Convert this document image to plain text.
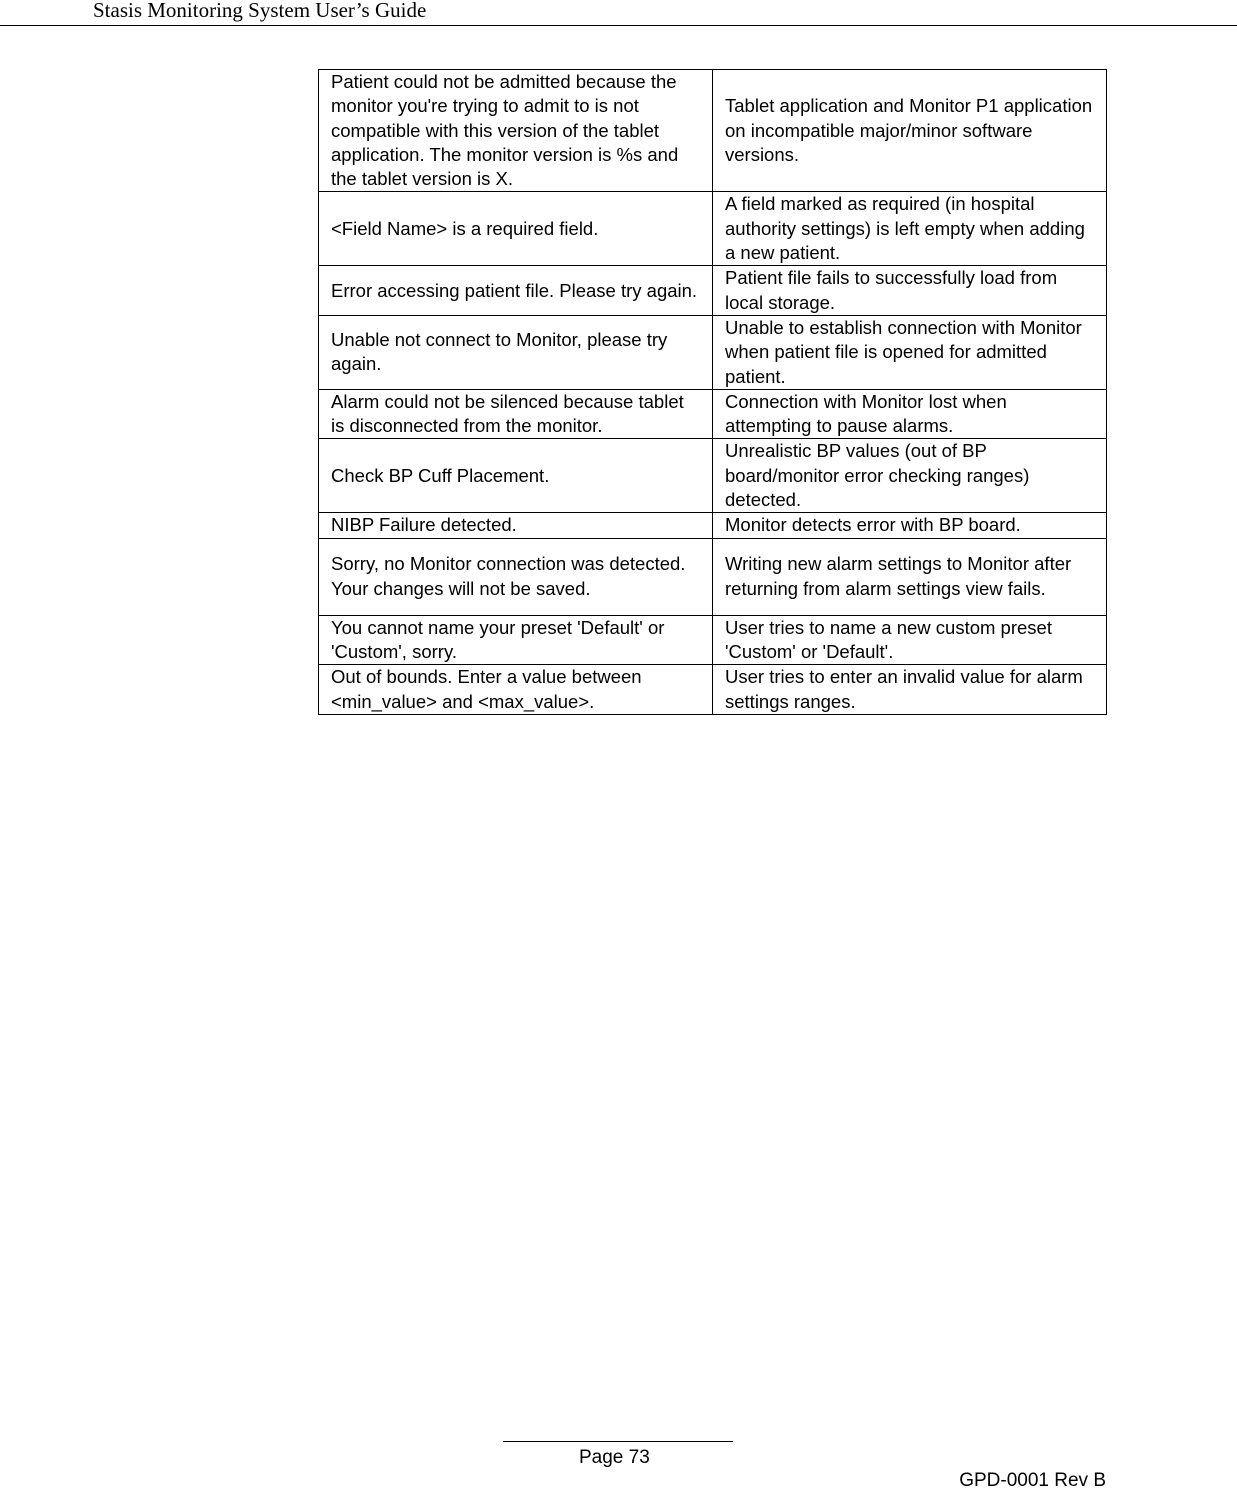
Stasis Monitoring System User’s Guide
Patient could not be admitted because the monitor you're trying to admit to is not compatible with this version of the tablet application. The monitor version is %s and the tablet version is X.	Tablet application and Monitor P1 application on incompatible major/minor software versions.
<Field Name> is a required field.	A field marked as required (in hospital authority settings) is left empty when adding a new patient.
Error accessing patient file. Please try again.	Patient file fails to successfully load from local storage.
Unable not connect to Monitor, please try again.	Unable to establish connection with Monitor when patient file is opened for admitted patient.
Alarm could not be silenced because tablet is disconnected from the monitor.	Connection with Monitor lost when attempting to pause alarms.
Check BP Cuff Placement.	Unrealistic BP values (out of BP board/monitor error checking ranges) detected.
NIBP Failure detected.	Monitor detects error with BP board.
Sorry, no Monitor connection was detected. Your changes will not be saved.	Writing new alarm settings to Monitor after returning from alarm settings view fails.
You cannot name your preset 'Default' or 'Custom', sorry.	User tries to name a new custom preset 'Custom' or 'Default'.
Out of bounds. Enter a value between <min_value> and <max_value>.	User tries to enter an invalid value for alarm settings ranges.
Page 73
GPD-0001 Rev B
